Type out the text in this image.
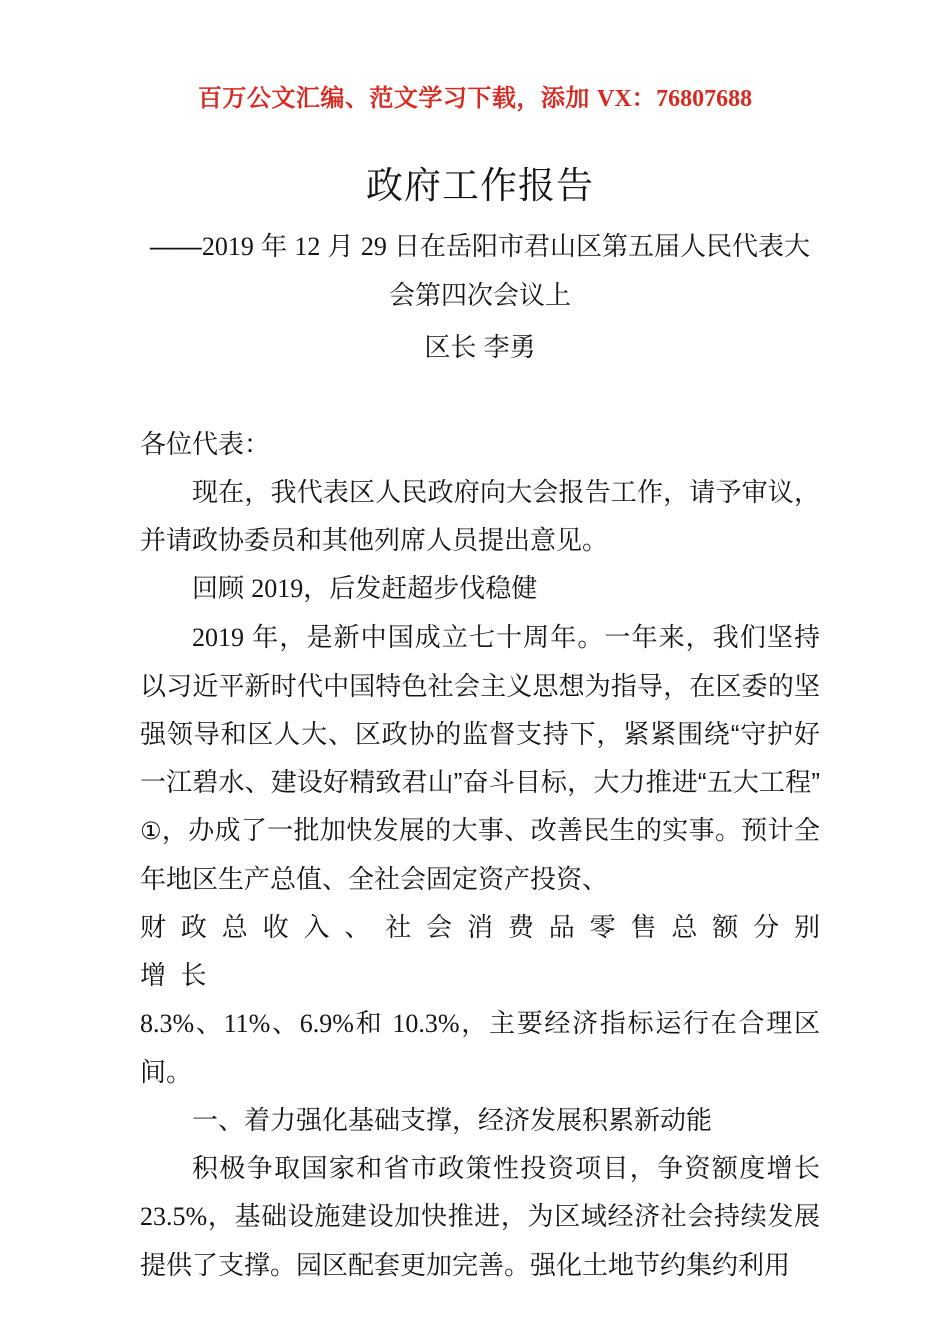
百万公文汇编、范文学习下载，添加 VX：76807688
政府工作报告
——2019 年 12 月 29 日在岳阳市君山区第五届人民代表大
会第四次会议上
区长 李勇

各位代表：

现在，我代表区人民政府向大会报告工作，请予审议，并请政协委员和其他列席人员提出意见。

回顾 2019，后发赶超步伐稳健

2019 年，是新中国成立七十周年。一年来，我们坚持以习近平新时代中国特色社会主义思想为指导，在区委的坚强领导和区人大、区政协的监督支持下，紧紧围绕“守护好一江碧水、建设好精致君山”奋斗目标，大力推进“五大工程”①，办成了一批加快发展的大事、改善民生的实事。预计全年地区生产总值、全社会固定资产投资、

财政总收入、社会消费品零售总额分别增长

8.3%、11%、6.9%和 10.3%，主要经济指标运行在合理区间。

一、着力强化基础支撑，经济发展积累新动能

积极争取国家和省市政策性投资项目，争资额度增长 23.5%，基础设施建设加快推进，为区域经济社会持续发展提供了支撑。园区配套更加完善。强化土地节约集约利用
